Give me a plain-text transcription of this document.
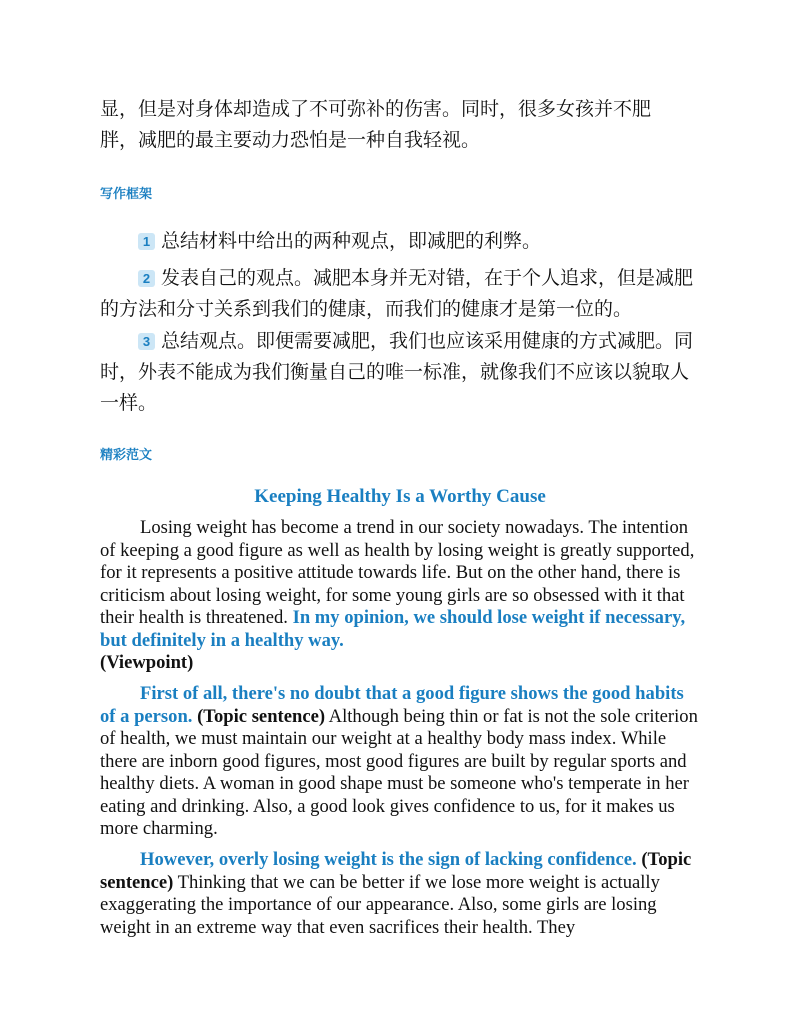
显，但是对身体却造成了不可弥补的伤害。同时，很多女孩并不肥
胖，减肥的最主要动力恐怕是一种自我轻视。

写作框架

1 总结材料中给出的两种观点，即减肥的利弊。

2 发表自己的观点。减肥本身并无对错，在于个人追求，但是减肥的方法和分寸关系到我们的健康，而我们的健康才是第一位的。

3 总结观点。即便需要减肥，我们也应该采用健康的方式减肥。同时，外表不能成为我们衡量自己的唯一标准，就像我们不应该以貌取人一样。

精彩范文

Keeping Healthy Is a Worthy Cause

Losing weight has become a trend in our society nowadays. The intention of keeping a good figure as well as health by losing weight is greatly supported, for it represents a positive attitude towards life. But on the other hand, there is criticism about losing weight, for some young girls are so obsessed with it that their health is threatened. In my opinion, we should lose weight if necessary, but definitely in a healthy way.
(Viewpoint)

First of all, there's no doubt that a good figure shows the good habits of a person. (Topic sentence) Although being thin or fat is not the sole criterion of health, we must maintain our weight at a healthy body mass index. While there are inborn good figures, most good figures are built by regular sports and healthy diets. A woman in good shape must be someone who's temperate in her eating and drinking. Also, a good look gives confidence to us, for it makes us more charming.

However, overly losing weight is the sign of lacking confidence. (Topic sentence) Thinking that we can be better if we lose more weight is actually exaggerating the importance of our appearance. Also, some girls are losing weight in an extreme way that even sacrifices their health. They
